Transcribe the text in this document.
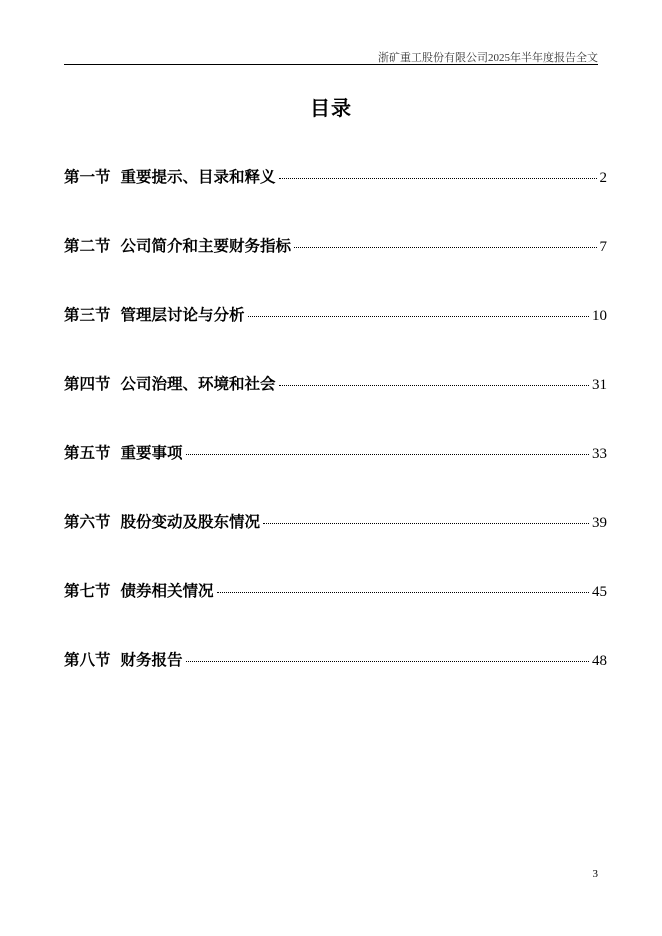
浙矿重工股份有限公司2025年半年度报告全文
目录
第一节 重要提示、目录和释义	2
第二节 公司简介和主要财务指标	7
第三节 管理层讨论与分析	10
第四节 公司治理、环境和社会	31
第五节 重要事项	33
第六节 股份变动及股东情况	39
第七节 债券相关情况	45
第八节 财务报告	48
3
